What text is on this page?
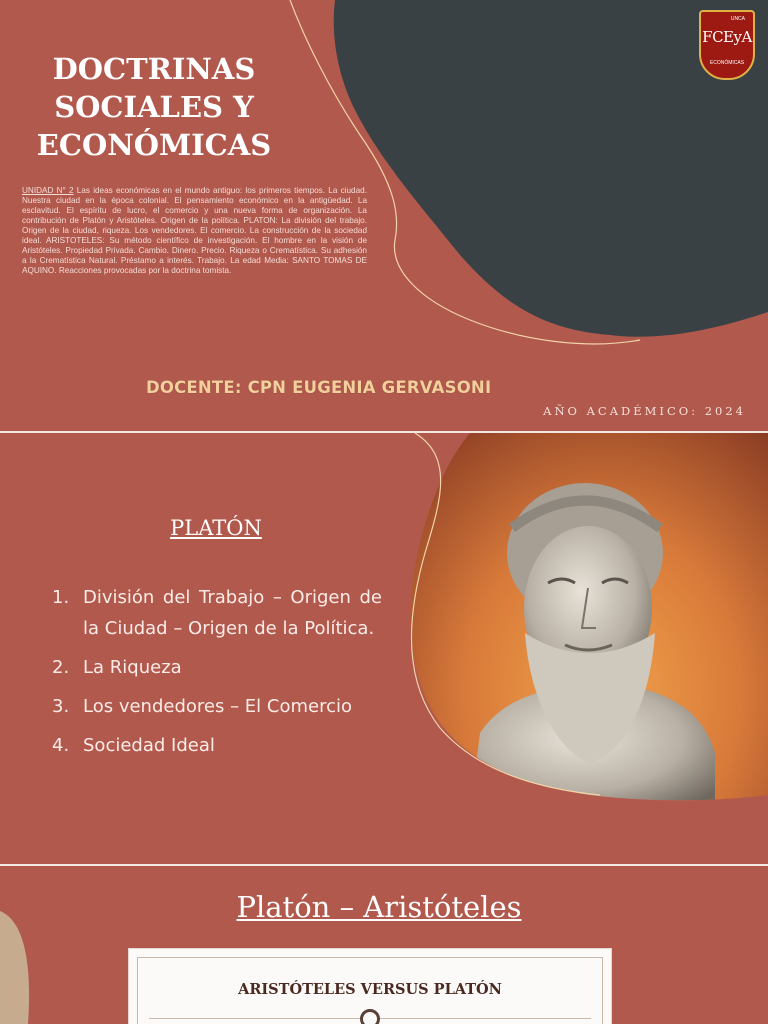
DOCTRINAS
SOCIALES Y
ECONÓMICAS
UNIDAD N° 2 Las ideas económicas en el mundo antiguo: los primeros tiempos. La ciudad. Nuestra ciudad en la época colonial. El pensamiento económico en la antigüedad. La esclavitud. El espíritu de lucro, el comercio y una nueva forma de organización. La contribución de Platón y Aristóteles. Origen de la política. PLATON: La división del trabajo. Origen de la ciudad, riqueza. Los vendedores. El comercio. La construcción de la sociedad ideal. ARISTOTELES: Su método científico de investigación. El hombre en la visión de Aristóteles. Propiedad Privada. Cambio. Dinero. Precio. Riqueza o Crematística. Su adhesión a la Crematística Natural. Préstamo a interés. Trabajo. La edad Media: SANTO TOMAS DE AQUINO. Reacciones provocadas por la doctrina tomista.
DOCENTE: CPN EUGENIA GERVASONI
AÑO ACADÉMICO: 2024
UNCA
FCEyA
ECONÓMICAS
PLATÓN
1. División del Trabajo – Origen de la Ciudad – Origen de la Política.
2. La Riqueza
3. Los vendedores – El Comercio
4. Sociedad Ideal
Platón – Aristóteles
ARISTÓTELES VERSUS PLATÓN
